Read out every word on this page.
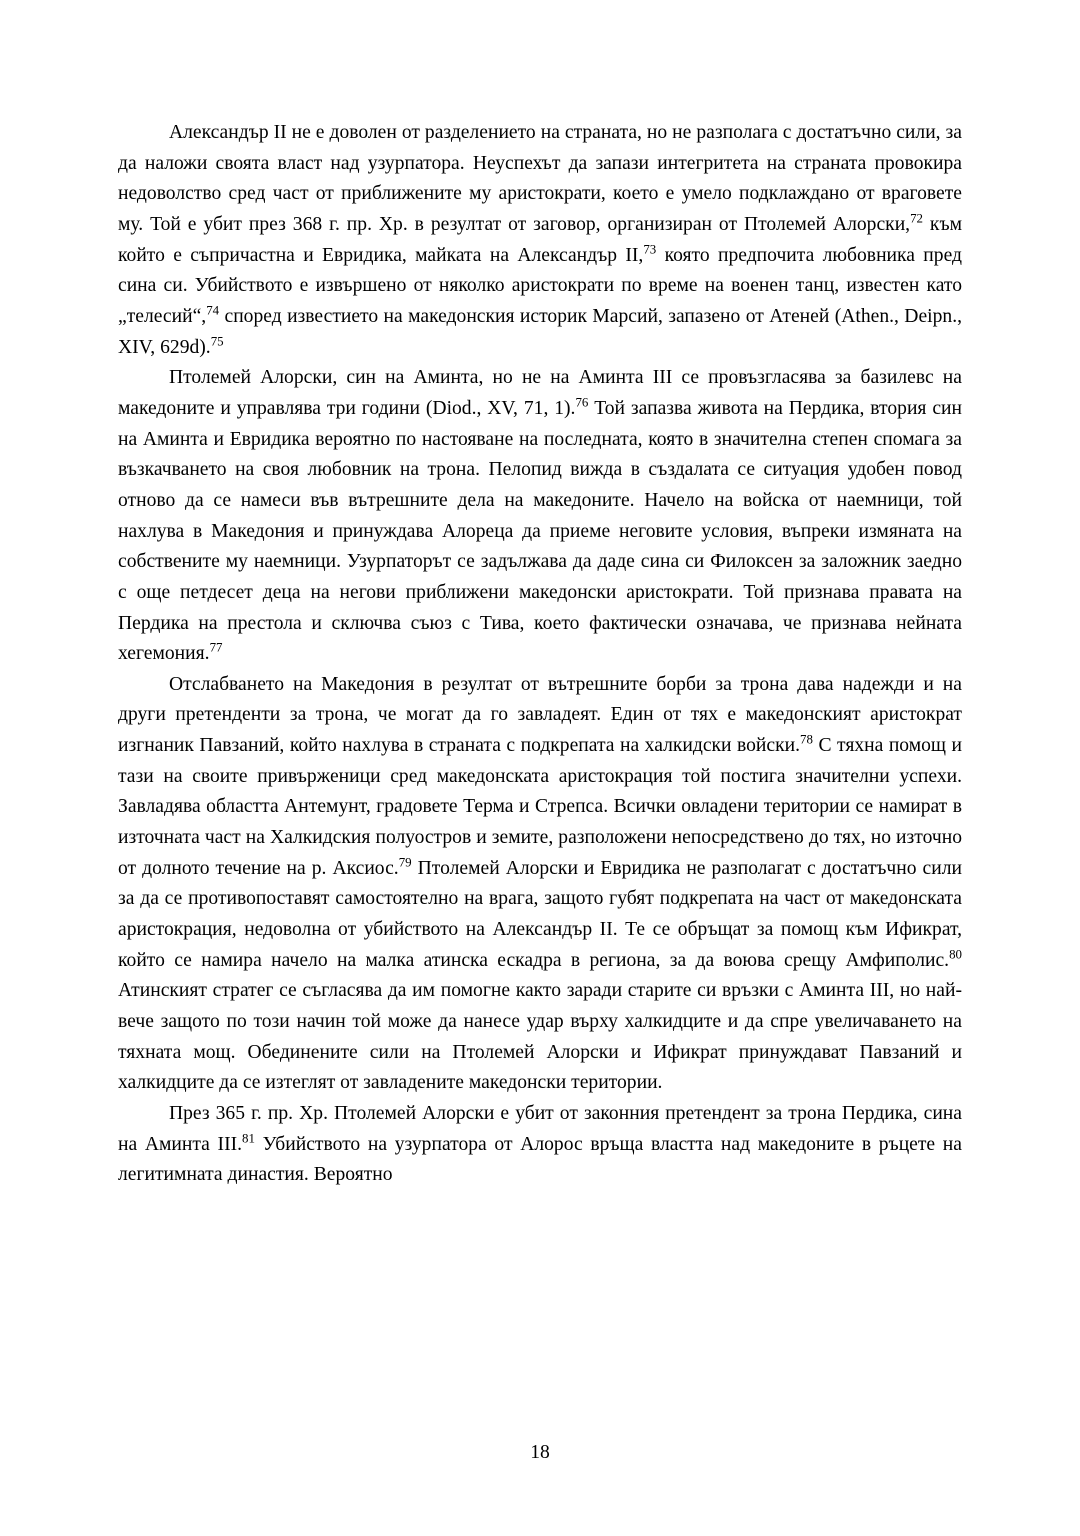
Александър II не е доволен от разделението на страната, но не разполага с достатъчно сили, за да наложи своята власт над узурпатора. Неуспехът да запази интегритета на страната провокира недоволство сред част от приближените му аристократи, което е умело подклаждано от враговете му. Той е убит през 368 г. пр. Хр. в резултат от заговор, организиран от Птолемей Алорски,$^{72}$ към който е съпричастна и Евридика, майката на Александър II,$^{73}$ която предпочита любовника пред сина си. Убийството е извършено от няколко аристократи по време на военен танц, известен като „телесий“,$^{74}$ според известието на македонския историк Марсий, запазено от Атеней (Athen., Deipn., XIV, 629d).$^{75}$

Птолемей Алорски, син на Аминта, но не на Аминта III се провъзгласява за базилевс на македоните и управлява три години (Diod., XV, 71, 1).$^{76}$ Той запазва живота на Пердика, втория син на Аминта и Евридика вероятно по настояване на последната, която в значителна степен спомага за възкачването на своя любовник на трона. Пелопид вижда в създалата се ситуация удобен повод отново да се намеси във вътрешните дела на македоните. Начело на войска от наемници, той нахлува в Македония и принуждава Алореца да приеме неговите условия, въпреки измяната на собствените му наемници. Узурпаторът се задължава да даде сина си Филоксен за заложник заедно с още петдесет деца на негови приближени македонски аристократи. Той признава правата на Пердика на престола и сключва съюз с Тива, което фактически означава, че признава нейната хегемония.$^{77}$

Отслабването на Македония в резултат от вътрешните борби за трона дава надежди и на други претенденти за трона, че могат да го завладеят. Един от тях е македонският аристократ изгнаник Павзаний, който нахлува в страната с подкрепата на халкидски войски.$^{78}$ С тяхна помощ и тази на своите привърженици сред македонската аристокрация той постига значителни успехи. Завладява областта Антемунт, градовете Терма и Стрепса. Всички овладени територии се намират в източната част на Халкидския полуостров и земите, разположени непосредствено до тях, но източно от долното течение на р. Аксиос.$^{79}$ Птолемей Алорски и Евридика не разполагат с достатъчно сили за да се противопоставят самостоятелно на врага, защото губят подкрепата на част от македонската аристокрация, недоволна от убийството на Александър II. Те се обръщат за помощ към Ификрат, който се намира начело на малка атинска ескадра в региона, за да воюва срещу Амфиполис.$^{80}$ Атинският стратег се съгласява да им помогне както заради старите си връзки с Аминта III, но най-вече защото по този начин той може да нанесе удар върху халкидците и да спре увеличаването на тяхната мощ. Обединените сили на Птолемей Алорски и Ификрат принуждават Павзаний и халкидците да се изтеглят от завладените македонски територии.

През 365 г. пр. Хр. Птолемей Алорски е убит от законния претендент за трона Пердика, сина на Аминта III.$^{81}$ Убийството на узурпатора от Алорос връща властта над македоните в ръцете на легитимната династия. Вероятно

18
